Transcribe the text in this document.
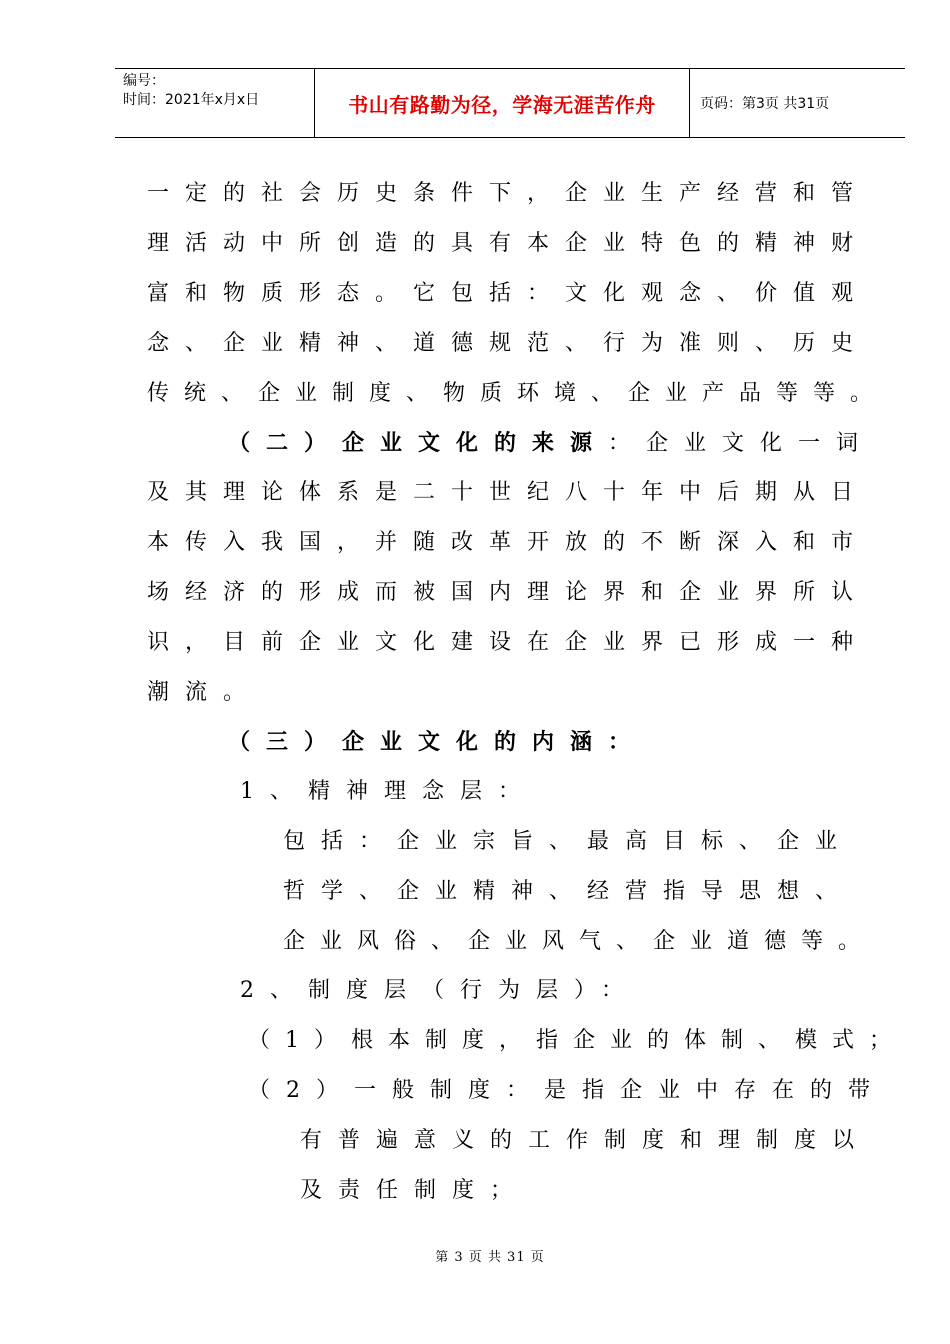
编号：
时间：2021年x月x日	书山有路勤为径，学海无涯苦作舟	页码：第3页 共31页
一定的社会历史条件下，企业生产经营和管
理活动中所创造的具有本企业特色的精神财
富和物质形态。它包括：文化观念、价值观
念、企业精神、道德规范、行为准则、历史
传统、企业制度、物质环境、企业产品等等。
（二）企业文化的来源：企业文化一词
及其理论体系是二十世纪八十年中后期从日
本传入我国，并随改革开放的不断深入和市
场经济的形成而被国内理论界和企业界所认
识，目前企业文化建设在企业界已形成一种
潮流。
（三）企业文化的内涵：
1、精神理念层：
包括：企业宗旨、最高目标、企业
哲学、企业精神、经营指导思想、
企业风俗、企业风气、企业道德等。
2、制度层（行为层）：
（1）根本制度，指企业的体制、模式；
（2）一般制度：是指企业中存在的带
有普遍意义的工作制度和理制度以
及责任制度；
第 3 页 共 31 页
